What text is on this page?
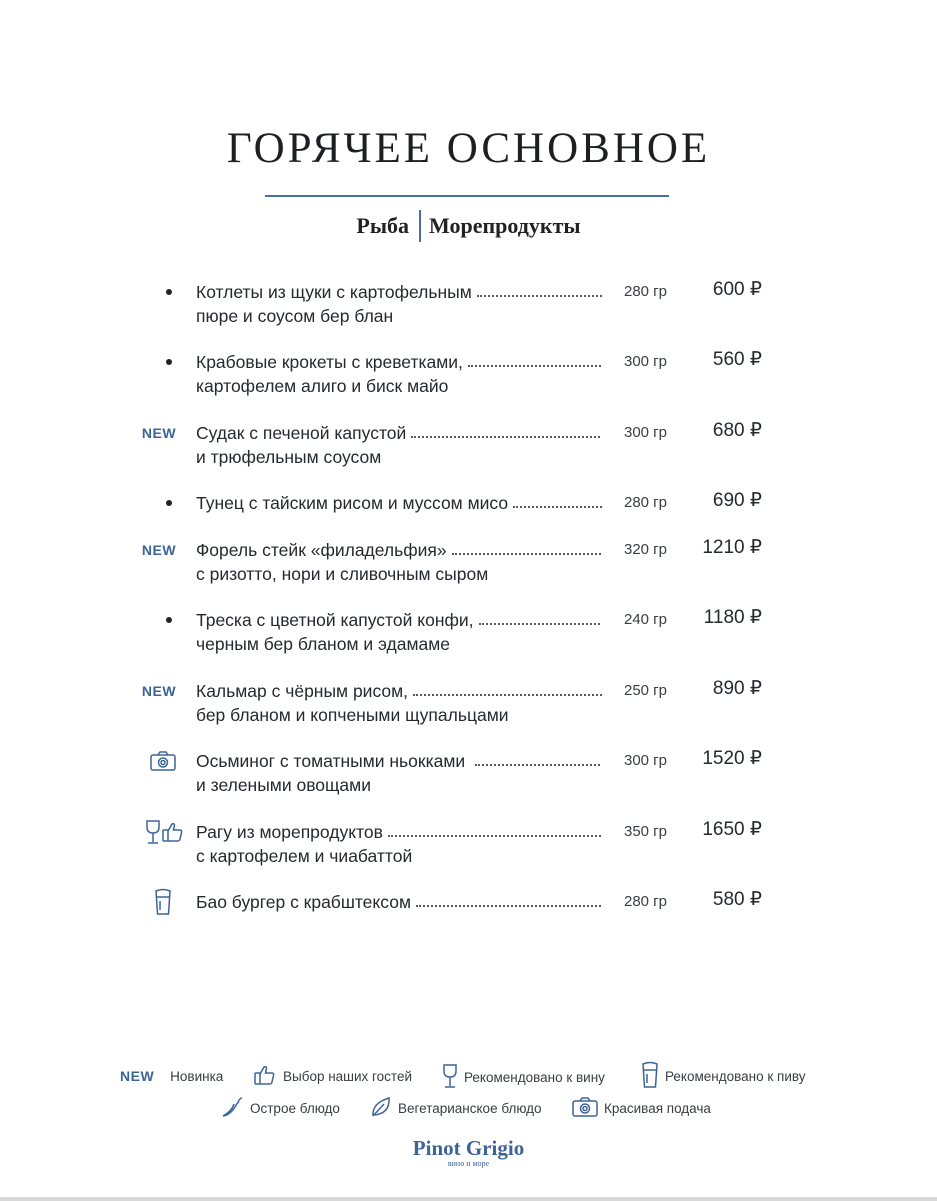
ГОРЯЧЕЕ ОСНОВНОЕ
Рыба Морепродукты
Котлеты из щуки с картофельным
пюре и соусом бер блан
280 гр	600 ₽
Крабовые крокеты с креветками,
картофелем алиго и биск майо
300 гр	560 ₽
NEW Судак с печеной капустой
и трюфельным соусом
300 гр	680 ₽
Тунец с тайским рисом и муссом мисо	280 гр	690 ₽
NEW Форель стейк «филадельфия»
с ризотто, нори и сливочным сыром
320 гр	1210 ₽
Треска с цветной капустой конфи,
черным бер бланом и эдамаме
240 гр	1180 ₽
NEW Кальмар с чёрным рисом,
бер бланом и копчеными щупальцами
250 гр	890 ₽
Осьминог с томатными ньокками
и зелеными овощами
300 гр	1520 ₽
Рагу из морепродуктов
с картофелем и чиабаттой
350 гр	1650 ₽
Бао бургер с крабштексом	280 гр	580 ₽
NEW Новинка	Выбор наших гостей	Рекомендовано к вину	Рекомендовано к пиву
Острое блюдо	Вегетарианское блюдо	Красивая подача
Pinot Grigio
вино и море
